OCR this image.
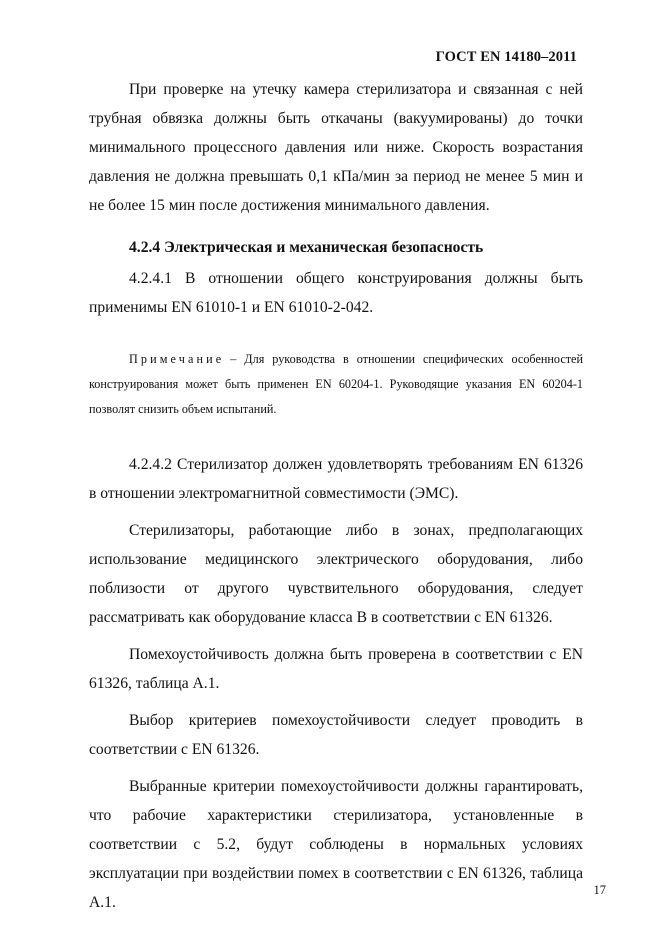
ГОСТ EN 14180–2011

При проверке на утечку камера стерилизатора и связанная с ней трубная обвязка должны быть откачаны (вакуумированы) до точки минимального процессного давления или ниже. Скорость возрастания давления не должна превышать 0,1 кПа/мин за период не менее 5 мин и не более 15 мин после достижения минимального давления.

4.2.4 Электрическая и механическая безопасность

4.2.4.1 В отношении общего конструирования должны быть применимы EN 61010-1 и EN 61010-2-042.

Примечание – Для руководства в отношении специфических особенностей конструирования может быть применен EN 60204-1. Руководящие указания EN 60204-1 позволят снизить объем испытаний.

4.2.4.2 Стерилизатор должен удовлетворять требованиям EN 61326 в отношении электромагнитной совместимости (ЭМС).

Стерилизаторы, работающие либо в зонах, предполагающих использование медицинского электрического оборудования, либо поблизости от другого чувствительного оборудования, следует рассматривать как оборудование класса B в соответствии с EN 61326.

Помехоустойчивость должна быть проверена в соответствии с EN 61326, таблица А.1.

Выбор критериев помехоустойчивости следует проводить в соответствии с EN 61326.

Выбранные критерии помехоустойчивости должны гарантировать, что рабочие характеристики стерилизатора, установленные в соответствии с 5.2, будут соблюдены в нормальных условиях эксплуатации при воздействии помех в соответствии с EN 61326, таблица А.1.

17
